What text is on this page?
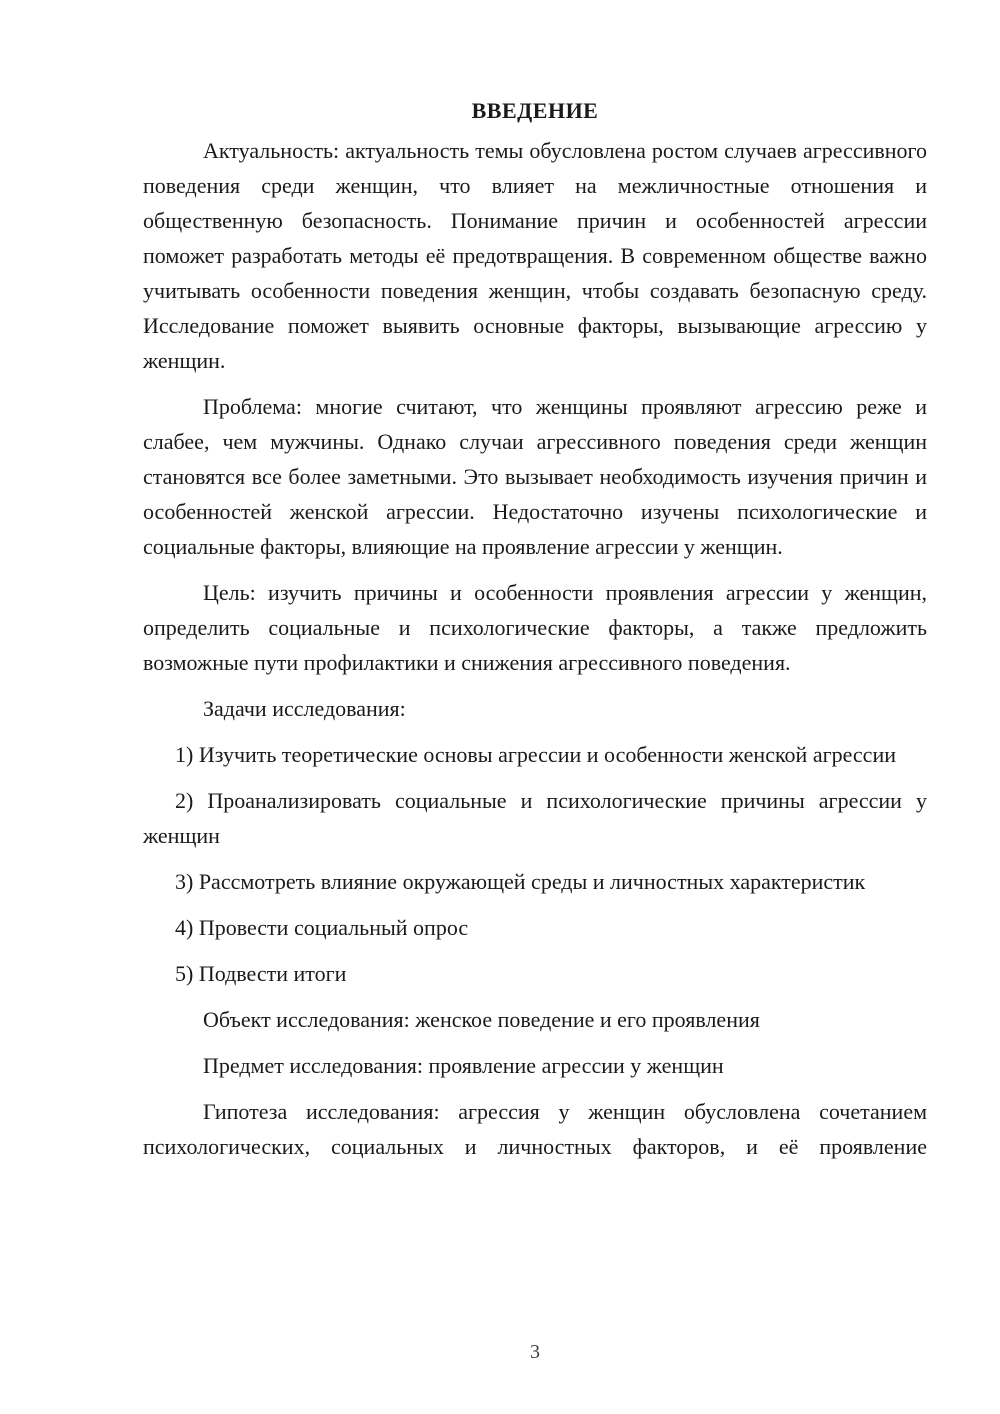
ВВЕДЕНИЕ

Актуальность: актуальность темы обусловлена ростом случаев агрессивного поведения среди женщин, что влияет на межличностные отношения и общественную безопасность. Понимание причин и особенностей агрессии поможет разработать методы её предотвращения. В современном обществе важно учитывать особенности поведения женщин, чтобы создавать безопасную среду. Исследование поможет выявить основные факторы, вызывающие агрессию у женщин.

Проблема: многие считают, что женщины проявляют агрессию реже и слабее, чем мужчины. Однако случаи агрессивного поведения среди женщин становятся все более заметными. Это вызывает необходимость изучения причин и особенностей женской агрессии. Недостаточно изучены психологические и социальные факторы, влияющие на проявление агрессии у женщин.

Цель: изучить причины и особенности проявления агрессии у женщин, определить социальные и психологические факторы, а также предложить возможные пути профилактики и снижения агрессивного поведения.

Задачи исследования:

1) Изучить теоретические основы агрессии и особенности женской агрессии

2) Проанализировать социальные и психологические причины агрессии у женщин

3) Рассмотреть влияние окружающей среды и личностных характеристик

4) Провести социальный опрос

5) Подвести итоги

Объект исследования: женское поведение и его проявления

Предмет исследования: проявление агрессии у женщин

Гипотеза исследования: агрессия у женщин обусловлена сочетанием психологических, социальных и личностных факторов, и её проявление

3
